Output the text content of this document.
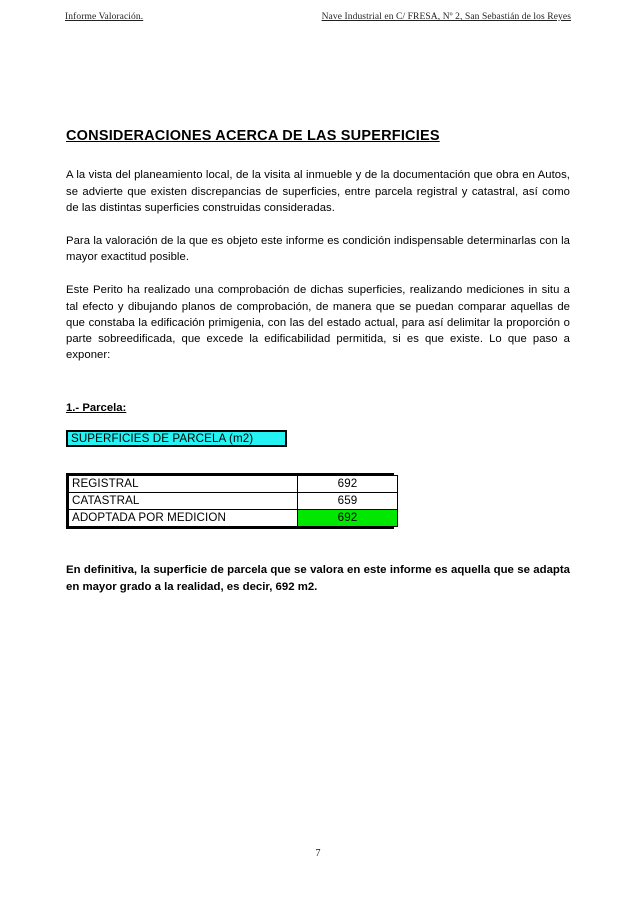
Informe Valoración.	Nave Industrial en C/ FRESA, Nº 2, San Sebastián de los Reyes
CONSIDERACIONES ACERCA DE LAS SUPERFICIES

A la vista del planeamiento local, de la visita al inmueble y de la documentación que obra en Autos, se advierte que existen discrepancias de superficies, entre parcela registral y catastral, así como de las distintas superficies construidas consideradas.

Para la valoración de la que es objeto este informe es condición indispensable determinarlas con la mayor exactitud posible.

Este Perito ha realizado una comprobación de dichas superficies, realizando mediciones in situ a tal efecto y dibujando planos de comprobación, de manera que se puedan comparar aquellas de que constaba la edificación primigenia, con las del estado actual, para así delimitar la proporción o parte sobreedificada, que excede la edificabilidad permitida, si es que existe. Lo que paso a exponer:

1.- Parcela:
SUPERFICIES DE PARCELA (m2)
REGISTRAL	692
CATASTRAL	659
ADOPTADA POR MEDICION	692

En definitiva, la superficie de parcela que se valora en este informe es aquella que se adapta en mayor grado a la realidad, es decir, 692 m2.

7
